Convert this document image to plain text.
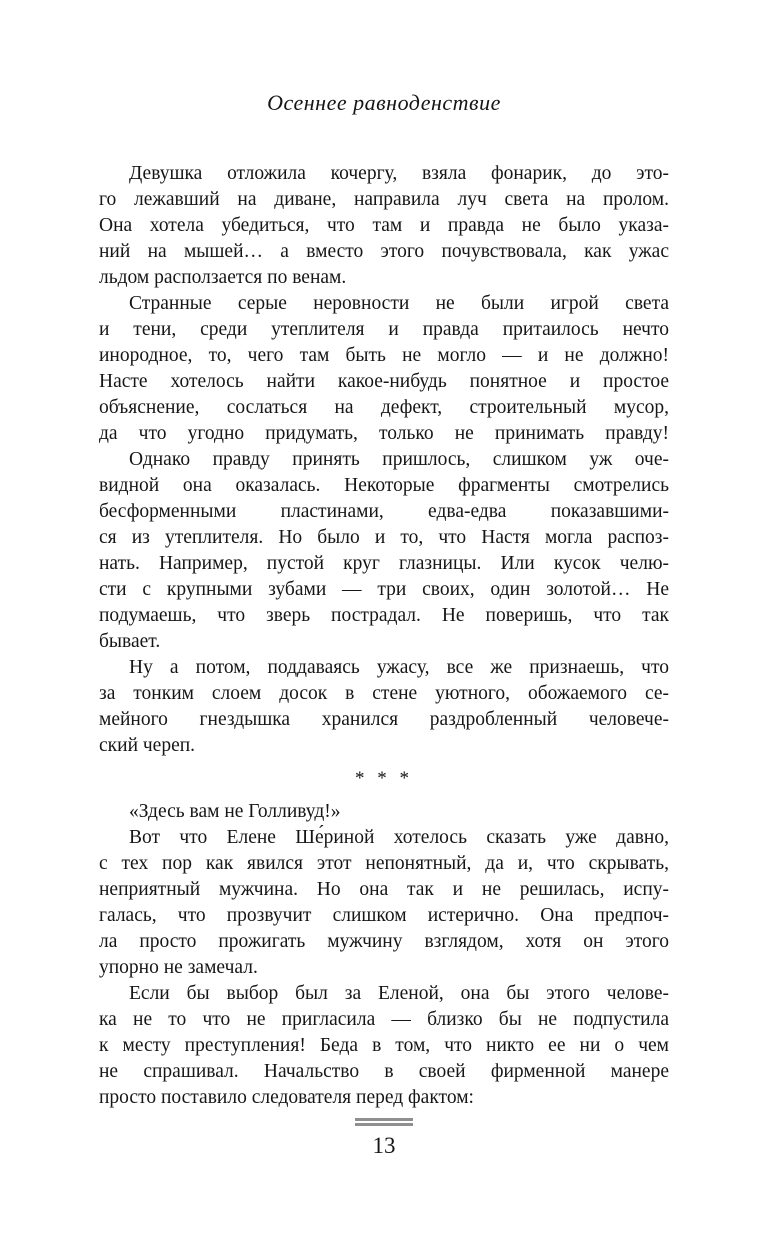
Осеннее равноденствие
Девушка отложила кочергу, взяла фонарик, до это-
го лежавший на диване, направила луч света на пролом.
Она хотела убедиться, что там и правда не было указа-
ний на мышей… а вместо этого почувствовала, как ужас
льдом расползается по венам.
Странные серые неровности не были игрой света
и тени, среди утеплителя и правда притаилось нечто
инородное, то, чего там быть не могло — и не должно!
Насте хотелось найти какое-нибудь понятное и простое
объяснение, сослаться на дефект, строительный мусор,
да что угодно придумать, только не принимать правду!
Однако правду принять пришлось, слишком уж оче-
видной она оказалась. Некоторые фрагменты смотрелись
бесформенными пластинами, едва-едва показавшими-
ся из утеплителя. Но было и то, что Настя могла распоз-
нать. Например, пустой круг глазницы. Или кусок челю-
сти с крупными зубами — три своих, один золотой… Не
подумаешь, что зверь пострадал. Не поверишь, что так
бывает.
Ну а потом, поддаваясь ужасу, все же признаешь, что
за тонким слоем досок в стене уютного, обожаемого се-
мейного гнездышка хранился раздробленный человече-
ский череп.
* * *
«Здесь вам не Голливуд!»
Вот что Елене Ше́риной хотелось сказать уже давно,
с тех пор как явился этот непонятный, да и, что скрывать,
неприятный мужчина. Но она так и не решилась, испу-
галась, что прозвучит слишком истерично. Она предпоч-
ла просто прожигать мужчину взглядом, хотя он этого
упорно не замечал.
Если бы выбор был за Еленой, она бы этого челове-
ка не то что не пригласила — близко бы не подпустила
к месту преступления! Беда в том, что никто ее ни о чем
не спрашивал. Начальство в своей фирменной манере
просто поставило следователя перед фактом:
13
